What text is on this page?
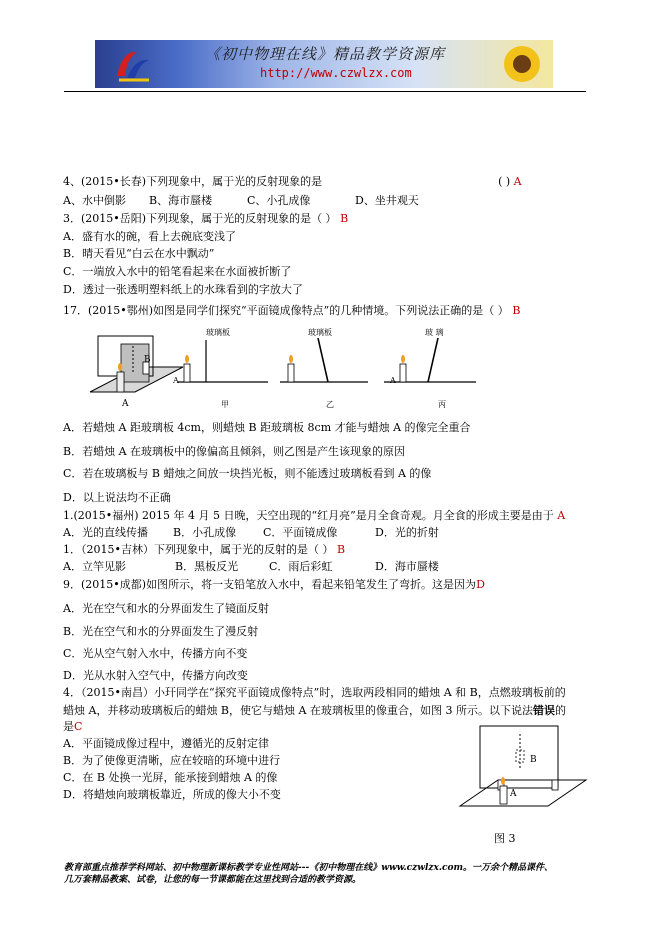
《初中物理在线》精品教学资源库
http://www.czwlzx.com
4、(2015•长春)下列现象中，属于光的反射现象的是	( ) A
A、水中倒影 B、海市蜃楼	C、小孔成像	D、坐井观天
3．(2015•岳阳)下列现象，属于光的反射现象的是（ ） B
A．盛有水的碗，看上去碗底变浅了
B．晴天看见“白云在水中飘动”
C．一端放入水中的铅笔看起来在水面被折断了
D．透过一张透明塑料纸上的水珠看到的字放大了
17．(2015•鄂州)如图是同学们探究“平面镜成像特点”的几种情境。下列说法正确的是（ ） B
B
A
A
玻璃板
甲
玻璃板
乙
A
玻 璃
丙
A．若蜡烛 A 距玻璃板 4cm，则蜡烛 B 距玻璃板 8cm 才能与蜡烛 A 的像完全重合
B．若蜡烛 A 在玻璃板中的像偏高且倾斜，则乙图是产生该现象的原因
C．若在玻璃板与 B 蜡烛之间放一块挡光板，则不能透过玻璃板看到 A 的像
D．以上说法均不正确
1.(2015•福州) 2015 年 4 月 5 日晚，天空出现的“红月亮”是月全食奇观。月全食的形成主要是由于 A
A．光的直线传播 B．小孔成像 C．平面镜成像	D．光的折射
1．（2015•吉林）下列现象中，属于光的反射的是（ ） B
A．立竿见影	B．黑板反光	C．雨后彩虹	D．海市蜃楼
9．(2015•成都)如图所示，将一支铅笔放入水中，看起来铅笔发生了弯折。这是因为D
A．光在空气和水的分界面发生了镜面反射
B．光在空气和水的分界面发生了漫反射
C．光从空气射入水中，传播方向不变
D．光从水射入空气中，传播方向改变
4．（2015•南昌）小玕同学在“探究平面镜成像特点”时，选取两段相同的蜡烛 A 和 B，点燃玻璃板前的
蜡烛 A，并移动玻璃板后的蜡烛 B，使它与蜡烛 A 在玻璃板里的像重合，如图 3 所示。以下说法错误的
是C
A．平面镜成像过程中，遵循光的反射定律
B．为了使像更清晰，应在较暗的环境中进行
C．在 B 处换一光屏，能承接到蜡烛 A 的像
D．将蜡烛向玻璃板靠近，所成的像大小不变
B
A
图 3
教育部重点推荐学科网站、初中物理新课标教学专业性网站---《初中物理在线》www.czwlzx.com。一万余个精品课件、
几万套精品教案、试卷，让您的每一节课都能在这里找到合适的教学资源。
